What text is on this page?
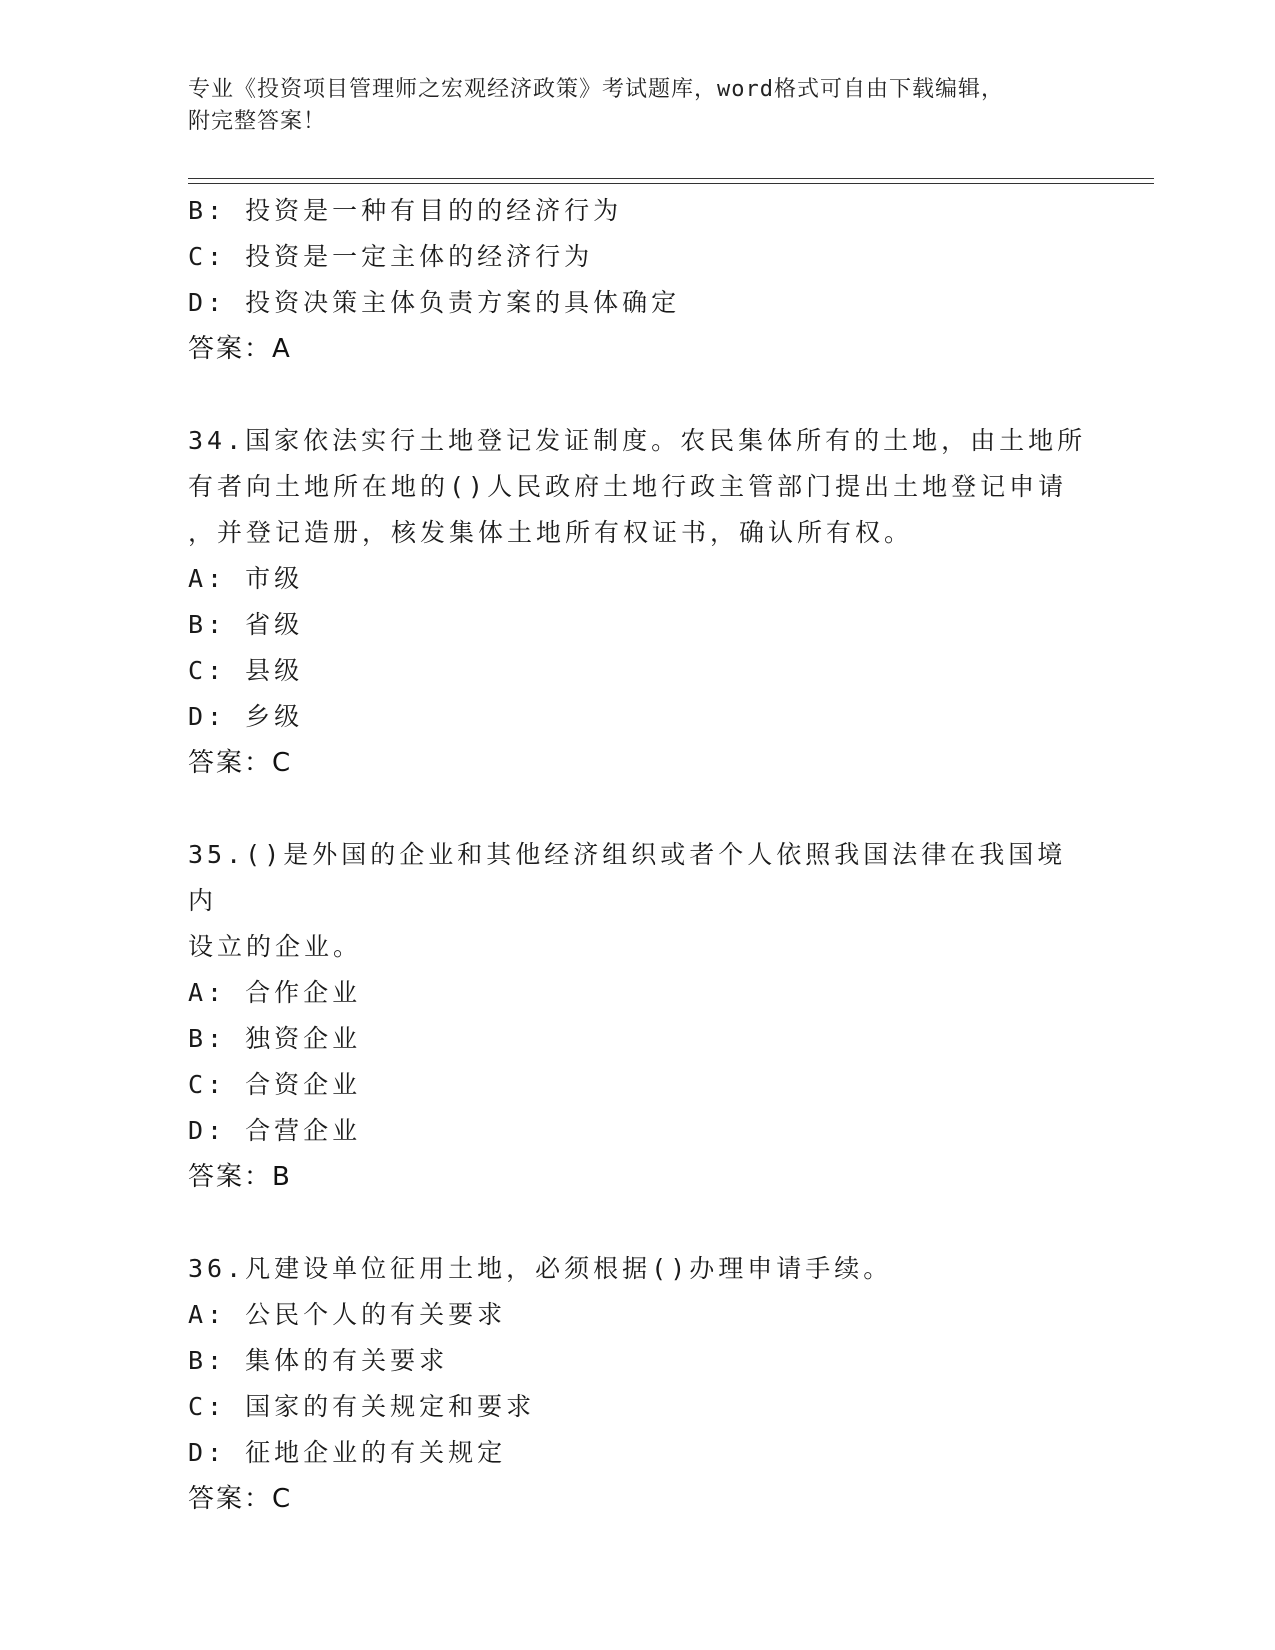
专业《投资项目管理师之宏观经济政策》考试题库，word格式可自由下载编辑，
附完整答案！
B: 投资是一种有目的的经济行为
C: 投资是一定主体的经济行为
D: 投资决策主体负责方案的具体确定
答案：A
34.国家依法实行土地登记发证制度。农民集体所有的土地，由土地所
有者向土地所在地的()人民政府土地行政主管部门提出土地登记申请
，并登记造册，核发集体土地所有权证书，确认所有权。
A: 市级
B: 省级
C: 县级
D: 乡级
答案：C
35.()是外国的企业和其他经济组织或者个人依照我国法律在我国境内
设立的企业。
A: 合作企业
B: 独资企业
C: 合资企业
D: 合营企业
答案：B
36.凡建设单位征用土地，必须根据()办理申请手续。
A: 公民个人的有关要求
B: 集体的有关要求
C: 国家的有关规定和要求
D: 征地企业的有关规定
答案：C
